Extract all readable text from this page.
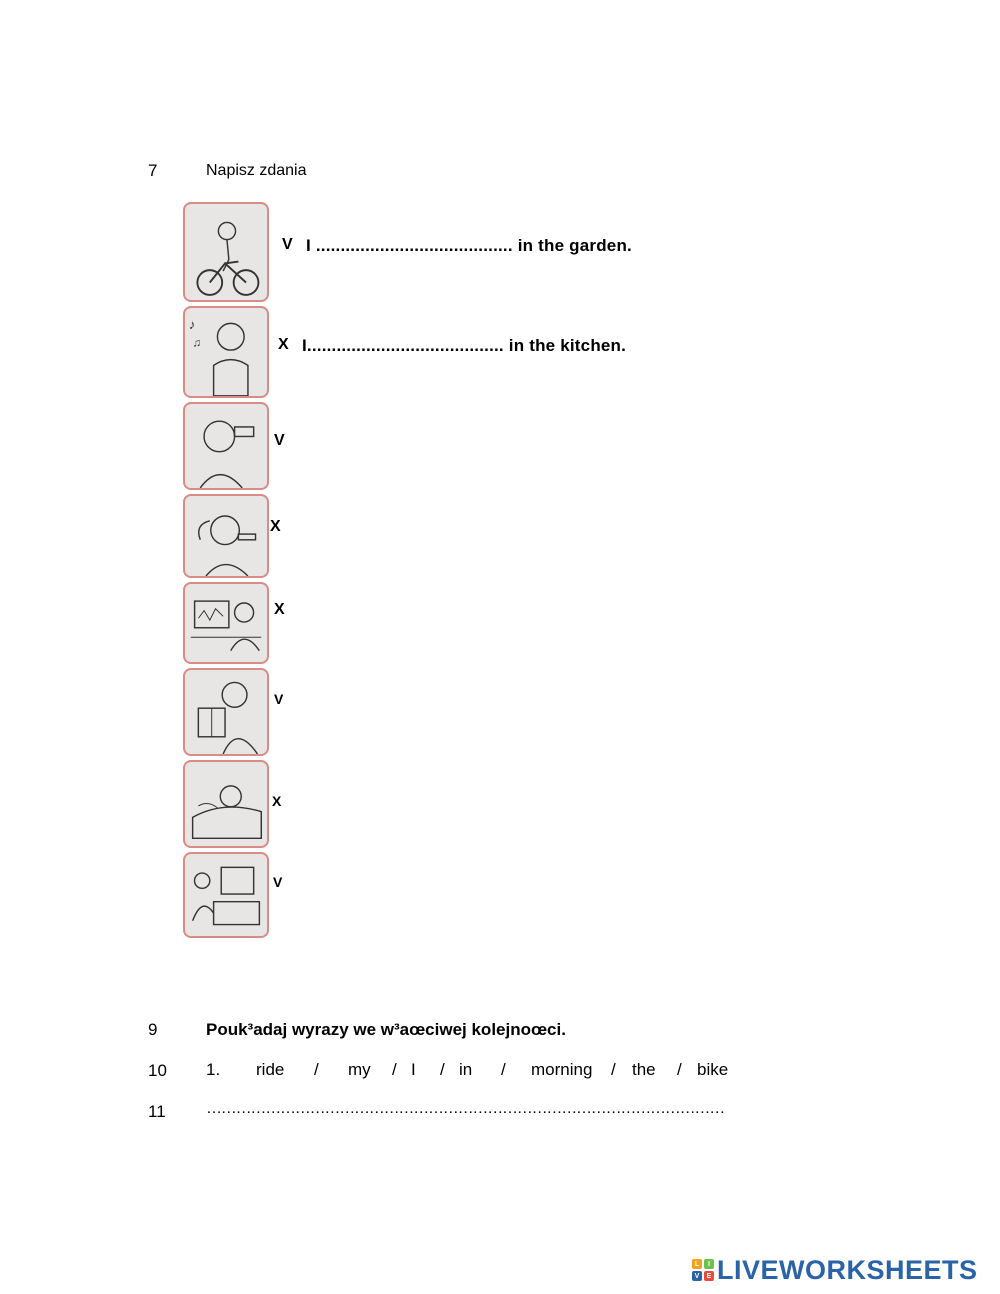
7	Napisz zdania
♪
♫
V I ........................................ in the garden.
X I........................................ in the kitchen.
V
X
X
V
X
V
9	Pouk³adaj wyrazy we w³aœciwej kolejnoœci.
10 1. ride / my / I / in / morning / the / bike
11	……………………………………………………………………………………………
L	I
V	E LIVEWORKSHEETS
